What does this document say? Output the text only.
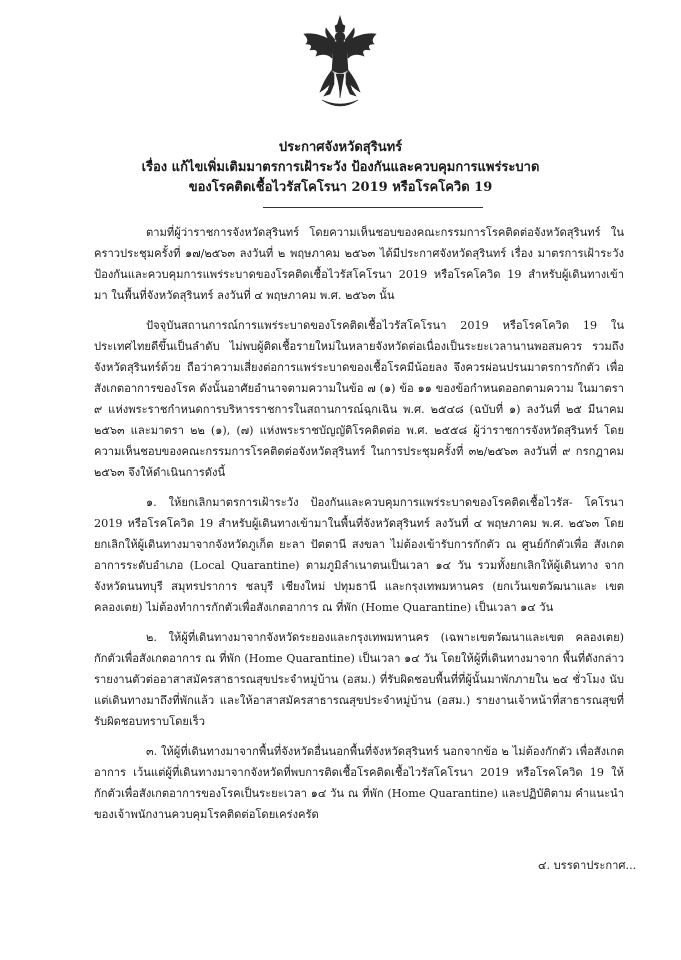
ประกาศจังหวัดสุรินทร์
เรื่อง แก้ไขเพิ่มเติมมาตรการเฝ้าระวัง ป้องกันและควบคุมการแพร่ระบาด
ของโรคติดเชื้อไวรัสโคโรนา 2019 หรือโรคโควิด 19

ตามที่ผู้ว่าราชการจังหวัดสุรินทร์ โดยความเห็นชอบของคณะกรรมการโรคติดต่อจังหวัดสุรินทร์ ในคราวประชุมครั้งที่ ๑๗/๒๕๖๓ ลงวันที่ ๒ พฤษภาคม ๒๕๖๓ ได้มีประกาศจังหวัดสุรินทร์ เรื่อง มาตรการเฝ้าระวัง ป้องกันและควบคุมการแพร่ระบาดของโรคติดเชื้อไวรัสโคโรนา 2019 หรือโรคโควิด 19 สำหรับผู้เดินทางเข้ามา ในพื้นที่จังหวัดสุรินทร์ ลงวันที่ ๔ พฤษภาคม พ.ศ. ๒๕๖๓ นั้น

ปัจจุบันสถานการณ์การแพร่ระบาดของโรคติดเชื้อไวรัสโคโรนา 2019 หรือโรคโควิด 19 ในประเทศไทยดีขึ้นเป็นลำดับ ไม่พบผู้ติดเชื้อรายใหม่ในหลายจังหวัดต่อเนื่องเป็นระยะเวลานานพอสมควร รวมถึงจังหวัดสุรินทร์ด้วย ถือว่าความเสี่ยงต่อการแพร่ระบาดของเชื้อโรคมีน้อยลง จึงควรผ่อนปรนมาตรการกักตัว เพื่อสังเกตอาการของโรค ดังนั้นอาศัยอำนาจตามความในข้อ ๗ (๑) ข้อ ๑๑ ของข้อกำหนดออกตามความ ในมาตรา ๙ แห่งพระราชกำหนดการบริหารราชการในสถานการณ์ฉุกเฉิน พ.ศ. ๒๕๔๘ (ฉบับที่ ๑) ลงวันที่ ๒๕ มีนาคม ๒๕๖๓ และมาตรา ๒๒ (๑), (๗) แห่งพระราชบัญญัติโรคติดต่อ พ.ศ. ๒๕๕๘ ผู้ว่าราชการจังหวัดสุรินทร์ โดยความเห็นชอบของคณะกรรมการโรคติดต่อจังหวัดสุรินทร์ ในการประชุมครั้งที่ ๓๒/๒๕๖๓ ลงวันที่ ๙ กรกฎาคม ๒๕๖๓ จึงให้ดำเนินการดังนี้

๑. ให้ยกเลิกมาตรการเฝ้าระวัง ป้องกันและควบคุมการแพร่ระบาดของโรคติดเชื้อไวรัส- โคโรนา 2019 หรือโรคโควิด 19 สำหรับผู้เดินทางเข้ามาในพื้นที่จังหวัดสุรินทร์ ลงวันที่ ๔ พฤษภาคม พ.ศ. ๒๕๖๓ โดยยกเลิกให้ผู้เดินทางมาจากจังหวัดภูเก็ต ยะลา ปัตตานี สงขลา ไม่ต้องเข้ารับการกักตัว ณ ศูนย์กักตัวเพื่อ สังเกตอาการระดับอำเภอ (Local Quarantine) ตามภูมิลำเนาตนเป็นเวลา ๑๔ วัน รวมทั้งยกเลิกให้ผู้เดินทาง จากจังหวัดนนทบุรี สมุทรปราการ ชลบุรี เชียงใหม่ ปทุมธานี และกรุงเทพมหานคร (ยกเว้นเขตวัฒนาและ เขตคลองเตย) ไม่ต้องทำการกักตัวเพื่อสังเกตอาการ ณ ที่พัก (Home Quarantine) เป็นเวลา ๑๔ วัน

๒. ให้ผู้ที่เดินทางมาจากจังหวัดระยองและกรุงเทพมหานคร (เฉพาะเขตวัฒนาและเขต คลองเตย) กักตัวเพื่อสังเกตอาการ ณ ที่พัก (Home Quarantine) เป็นเวลา ๑๔ วัน โดยให้ผู้ที่เดินทางมาจาก พื้นที่ดังกล่าวรายงานตัวต่ออาสาสมัครสาธารณสุขประจำหมู่บ้าน (อสม.) ที่รับผิดชอบพื้นที่ที่ผู้นั้นมาพักภายใน ๒๔ ชั่วโมง นับแต่เดินทางมาถึงที่พักแล้ว และให้อาสาสมัครสาธารณสุขประจำหมู่บ้าน (อสม.) รายงานเจ้าหน้าที่สาธารณสุขที่รับผิดชอบทราบโดยเร็ว

๓. ให้ผู้ที่เดินทางมาจากพื้นที่จังหวัดอื่นนอกพื้นที่จังหวัดสุรินทร์ นอกจากข้อ ๒ ไม่ต้องกักตัว เพื่อสังเกตอาการ เว้นแต่ผู้ที่เดินทางมาจากจังหวัดที่พบการติดเชื้อโรคติดเชื้อไวรัสโคโรนา 2019 หรือโรคโควิด 19 ให้กักตัวเพื่อสังเกตอาการของโรคเป็นระยะเวลา ๑๔ วัน ณ ที่พัก (Home Quarantine) และปฏิบัติตาม คำแนะนำของเจ้าพนักงานควบคุมโรคติดต่อโดยเคร่งครัด

๔. บรรดาประกาศ...
